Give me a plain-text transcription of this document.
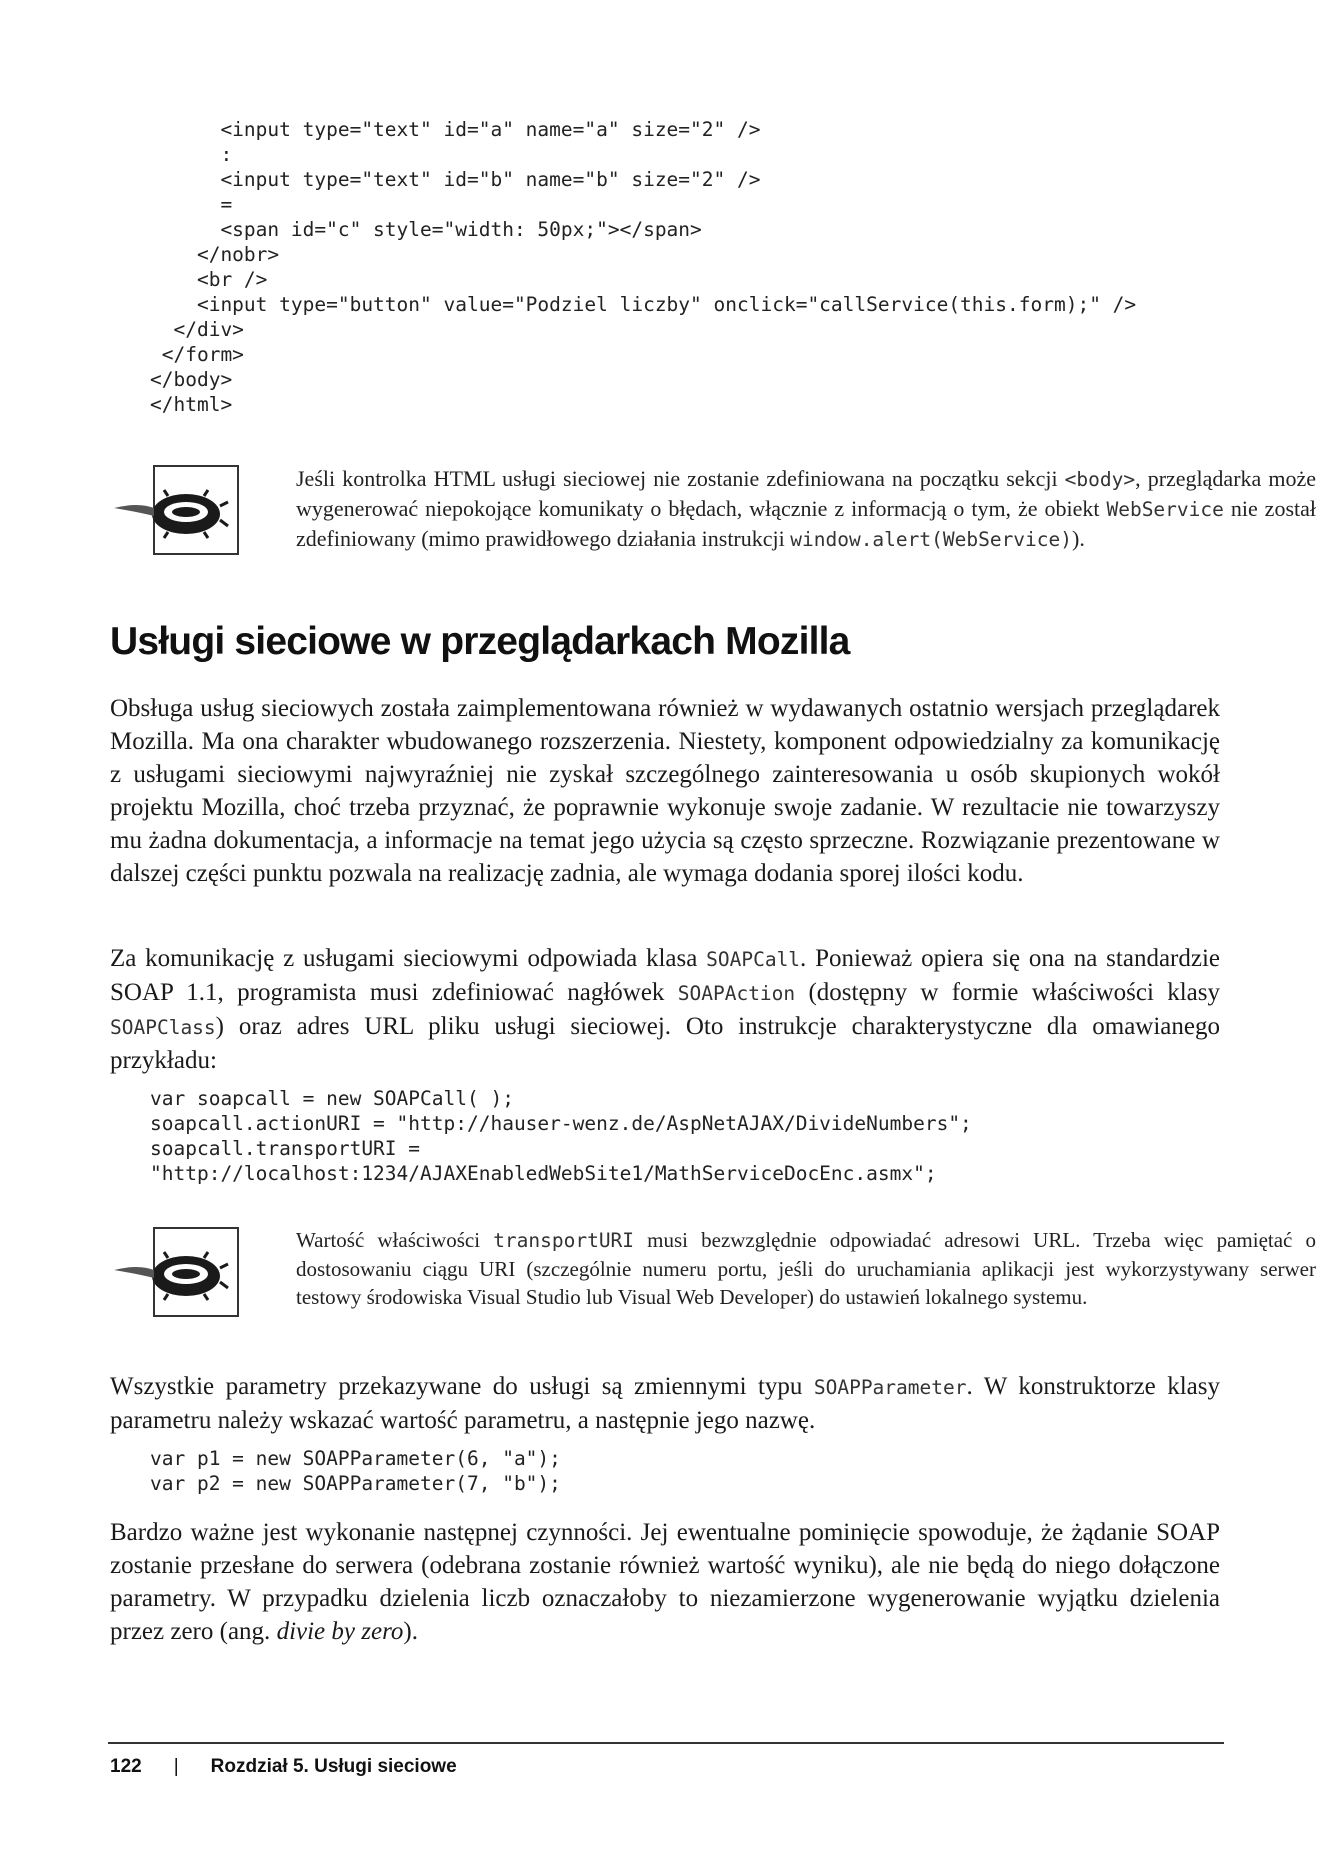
<input type="text" id="a" name="a" size="2" />
:
<input type="text" id="b" name="b" size="2" />
=
<span id="c" style="width: 50px;"></span>
</nobr>
<br />
<input type="button" value="Podziel liczby" onclick="callService(this.form);" />
</div>
</form>
</body>
</html>
Jeśli kontrolka HTML usługi sieciowej nie zostanie zdefiniowana na początku sekcji <body>, przeglądarka może wygenerować niepokojące komunikaty o błędach, włącznie z informacją o tym, że obiekt WebService nie został zdefiniowany (mimo prawidłowego działania instrukcji window.alert(WebService)).
Usługi sieciowe w przeglądarkach Mozilla

Obsługa usług sieciowych została zaimplementowana również w wydawanych ostatnio wersjach przeglądarek Mozilla. Ma ona charakter wbudowanego rozszerzenia. Niestety, komponent odpowiedzialny za komunikację z usługami sieciowymi najwyraźniej nie zyskał szczególnego zainteresowania u osób skupionych wokół projektu Mozilla, choć trzeba przyznać, że poprawnie wykonuje swoje zadanie. W rezultacie nie towarzyszy mu żadna dokumentacja, a informacje na temat jego użycia są często sprzeczne. Rozwiązanie prezentowane w dalszej części punktu pozwala na realizację zadnia, ale wymaga dodania sporej ilości kodu.

Za komunikację z usługami sieciowymi odpowiada klasa SOAPCall. Ponieważ opiera się ona na standardzie SOAP 1.1, programista musi zdefiniować nagłówek SOAPAction (dostępny w formie właściwości klasy SOAPClass) oraz adres URL pliku usługi sieciowej. Oto instrukcje charakterystyczne dla omawianego przykładu:

var soapcall = new SOAPCall( );
soapcall.actionURI = "http://hauser-wenz.de/AspNetAJAX/DivideNumbers";
soapcall.transportURI =
"http://localhost:1234/AJAXEnabledWebSite1/MathServiceDocEnc.asmx";
Wartość właściwości transportURI musi bezwzględnie odpowiadać adresowi URL. Trzeba więc pamiętać o dostosowaniu ciągu URI (szczególnie numeru portu, jeśli do uruchamiania aplikacji jest wykorzystywany serwer testowy środowiska Visual Studio lub Visual Web Developer) do ustawień lokalnego systemu.

Wszystkie parametry przekazywane do usługi są zmiennymi typu SOAPParameter. W konstruktorze klasy parametru należy wskazać wartość parametru, a następnie jego nazwę.

var p1 = new SOAPParameter(6, "a");
var p2 = new SOAPParameter(7, "b");

Bardzo ważne jest wykonanie następnej czynności. Jej ewentualne pominięcie spowoduje, że żądanie SOAP zostanie przesłane do serwera (odebrana zostanie również wartość wyniku), ale nie będą do niego dołączone parametry. W przypadku dzielenia liczb oznaczałoby to niezamierzone wygenerowanie wyjątku dzielenia przez zero (ang. divie by zero).

122 | Rozdział 5. Usługi sieciowe
